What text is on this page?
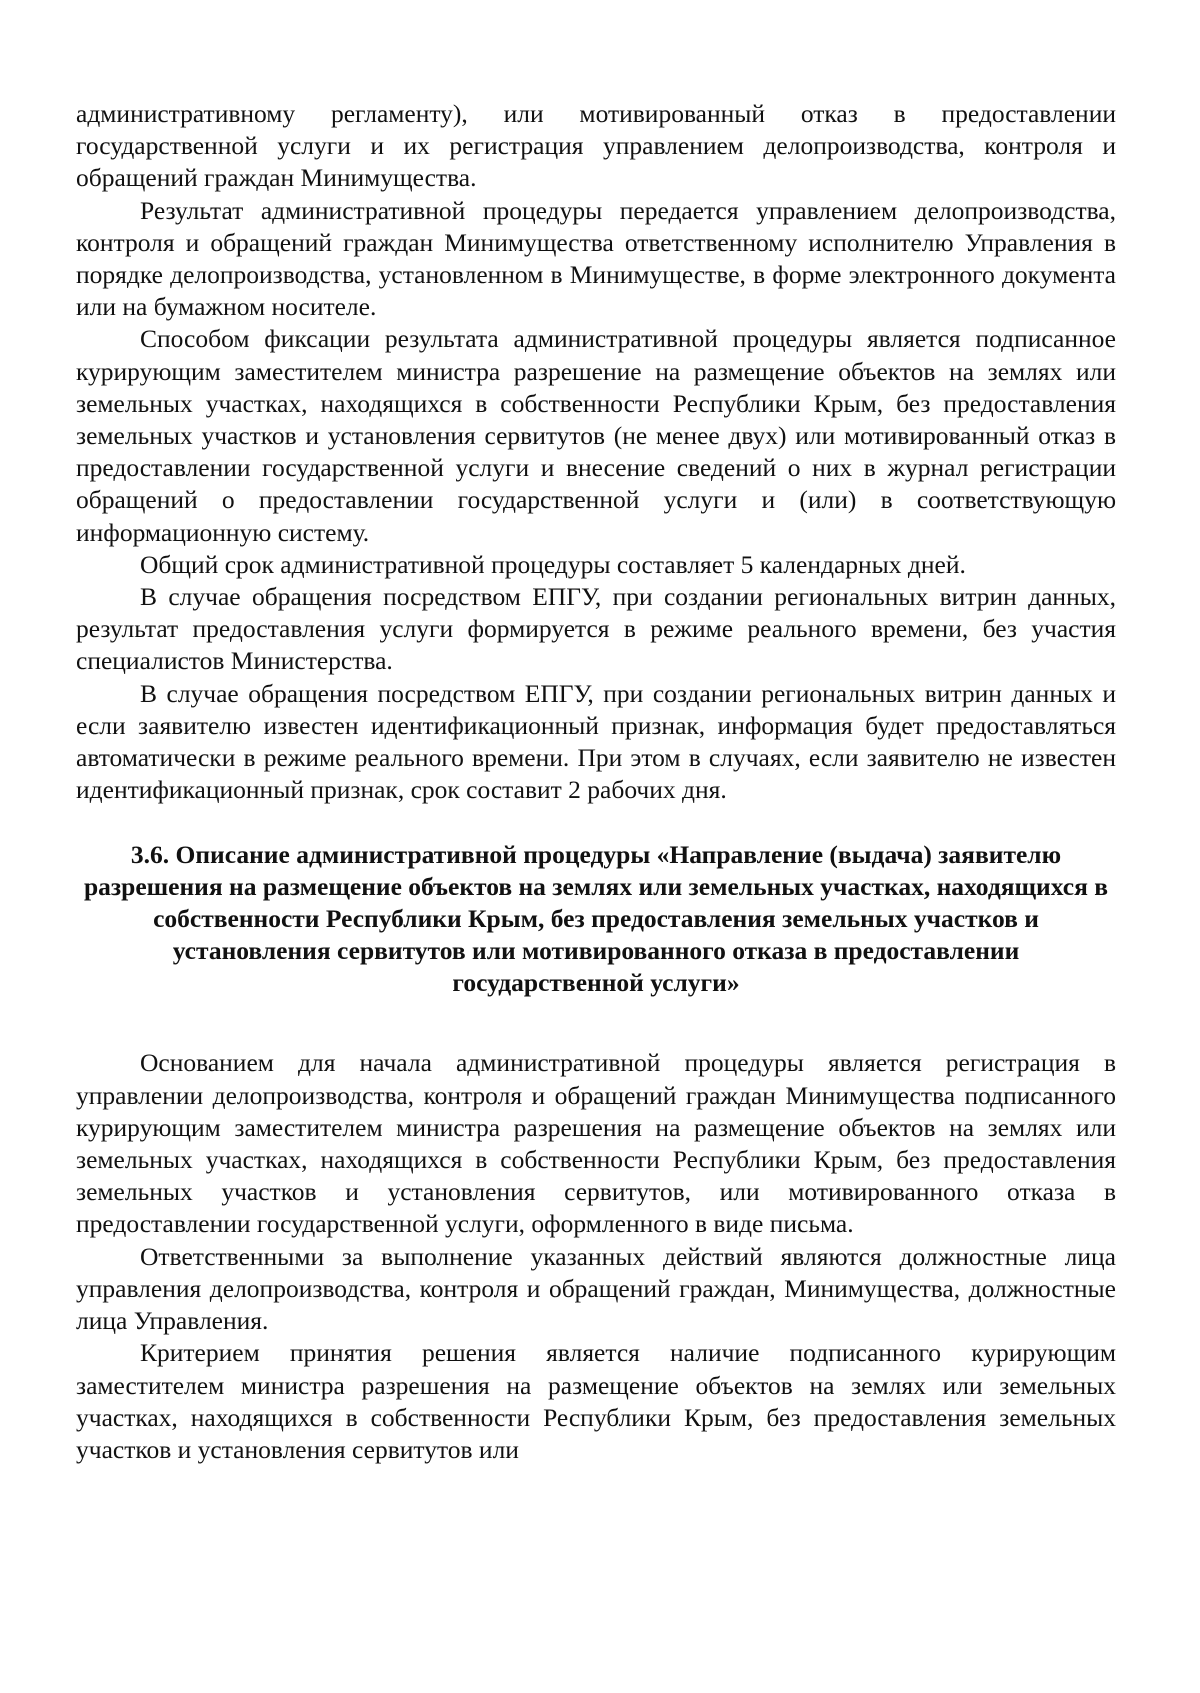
административному регламенту), или мотивированный отказ в предоставлении государственной услуги и их регистрация управлением делопроизводства, контроля и обращений граждан Минимущества.

Результат административной процедуры передается управлением делопроизводства, контроля и обращений граждан Минимущества ответственному исполнителю Управления в порядке делопроизводства, установленном в Минимуществе, в форме электронного документа или на бумажном носителе.

Способом фиксации результата административной процедуры является подписанное курирующим заместителем министра разрешение на размещение объектов на землях или земельных участках, находящихся в собственности Республики Крым, без предоставления земельных участков и установления сервитутов (не менее двух) или мотивированный отказ в предоставлении государственной услуги и внесение сведений о них в журнал регистрации обращений о предоставлении государственной услуги и (или) в соответствующую информационную систему.

Общий срок административной процедуры составляет 5 календарных дней.

В случае обращения посредством ЕПГУ, при создании региональных витрин данных, результат предоставления услуги формируется в режиме реального времени, без участия специалистов Министерства.

В случае обращения посредством ЕПГУ, при создании региональных витрин данных и если заявителю известен идентификационный признак, информация будет предоставляться автоматически в режиме реального времени. При этом в случаях, если заявителю не известен идентификационный признак, срок составит 2 рабочих дня.

3.6. Описание административной процедуры «Направление (выдача) заявителю разрешения на размещение объектов на землях или земельных участках, находящихся в собственности Республики Крым, без предоставления земельных участков и установления сервитутов или мотивированного отказа в предоставлении государственной услуги»

Основанием для начала административной процедуры является регистрация в управлении делопроизводства, контроля и обращений граждан Минимущества подписанного курирующим заместителем министра разрешения на размещение объектов на землях или земельных участках, находящихся в собственности Республики Крым, без предоставления земельных участков и установления сервитутов, или мотивированного отказа в предоставлении государственной услуги, оформленного в виде письма.

Ответственными за выполнение указанных действий являются должностные лица управления делопроизводства, контроля и обращений граждан, Минимущества, должностные лица Управления.

Критерием принятия решения является наличие подписанного курирующим заместителем министра разрешения на размещение объектов на землях или земельных участках, находящихся в собственности Республики Крым, без предоставления земельных участков и установления сервитутов или
